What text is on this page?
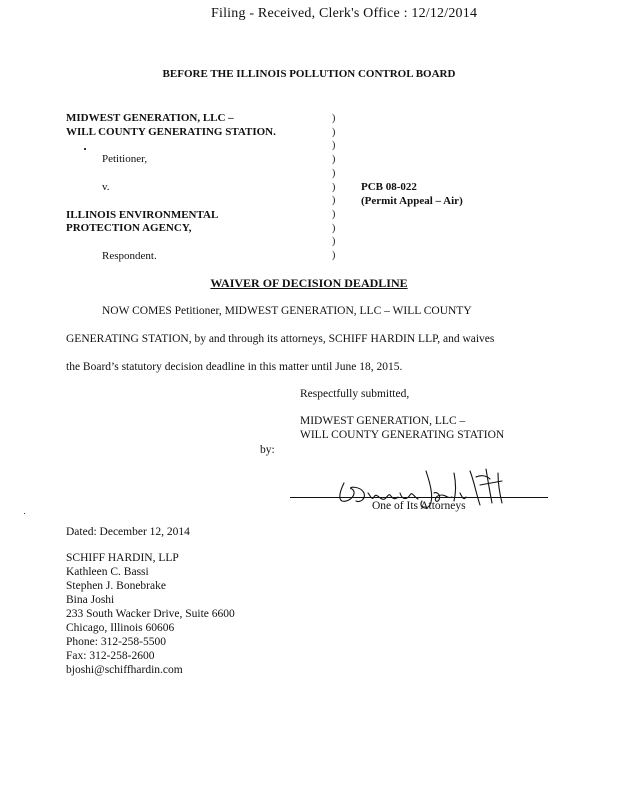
Filing - Received, Clerk's Office : 12/12/2014
BEFORE THE ILLINOIS POLLUTION CONTROL BOARD
MIDWEST GENERATION, LLC –
WILL COUNTY GENERATING STATION.
Petitioner,
v.
ILLINOIS ENVIRONMENTAL
PROTECTION AGENCY,
Respondent.
)
)
)
)
)
)
)
)
)
)
)
PCB 08-022
(Permit Appeal – Air)
WAIVER OF DECISION DEADLINE
NOW COMES Petitioner, MIDWEST GENERATION, LLC – WILL COUNTY
GENERATING STATION, by and through its attorneys, SCHIFF HARDIN LLP, and waives
the Board’s statutory decision deadline in this matter until June 18, 2015.
Respectfully submitted,
MIDWEST GENERATION, LLC –
WILL COUNTY GENERATING STATION
by:
One of Its Attorneys
Dated: December 12, 2014
SCHIFF HARDIN, LLP
Kathleen C. Bassi
Stephen J. Bonebrake
Bina Joshi
233 South Wacker Drive, Suite 6600
Chicago, Illinois 60606
Phone: 312-258-5500
Fax: 312-258-2600
bjoshi@schiffhardin.com
